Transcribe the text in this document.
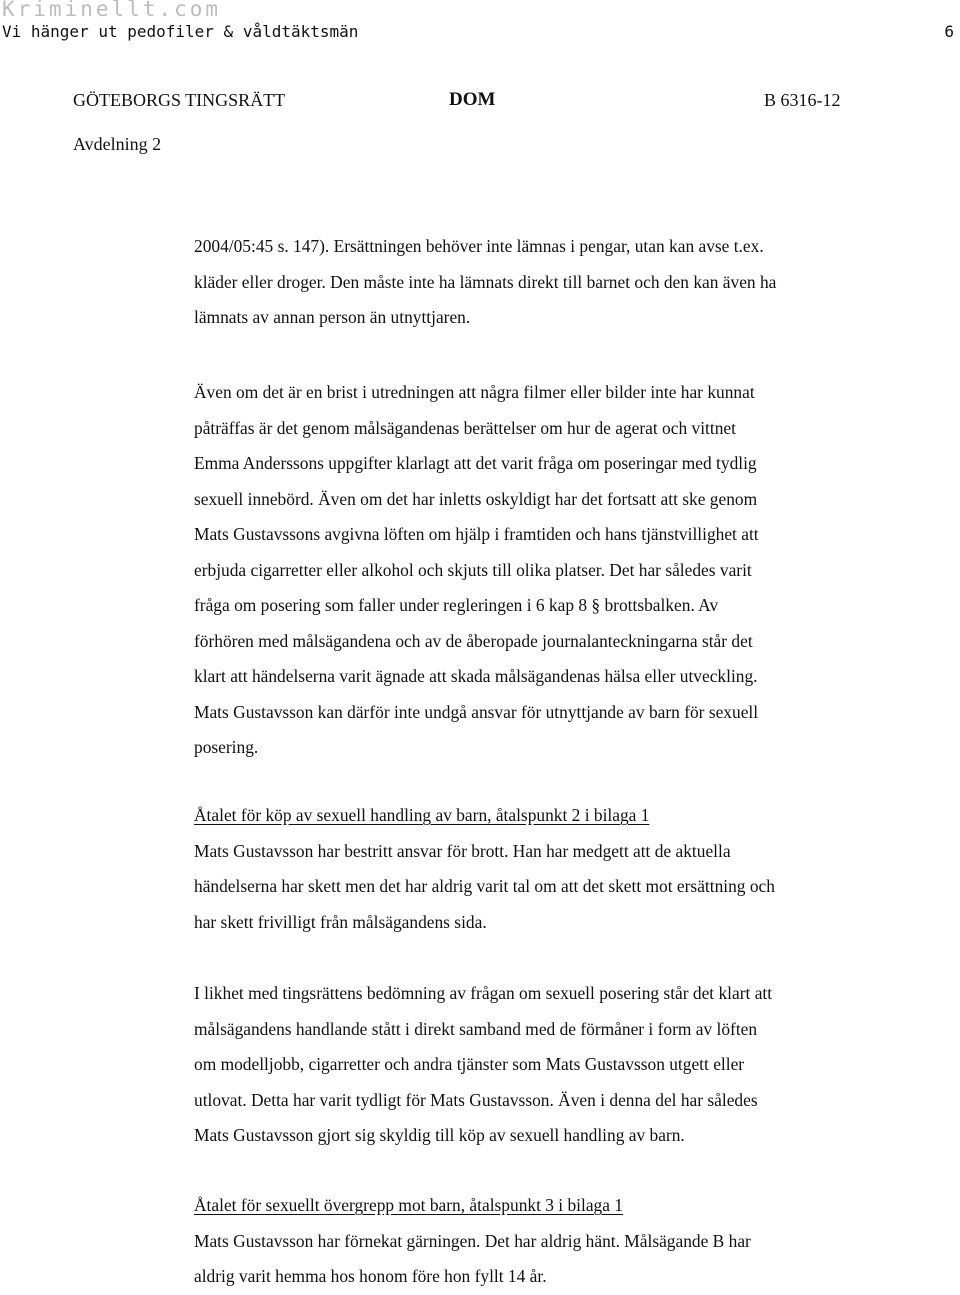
Kriminellt.com
Vi hänger ut pedofiler & våldtäktsmän	6
GÖTEBORGS TINGSRÄTT	DOM	B 6316-12
Avdelning 2

2004/05:45 s. 147). Ersättningen behöver inte lämnas i pengar, utan kan avse t.ex.
kläder eller droger. Den måste inte ha lämnats direkt till barnet och den kan även ha
lämnats av annan person än utnyttjaren.

Även om det är en brist i utredningen att några filmer eller bilder inte har kunnat
påträffas är det genom målsägandenas berättelser om hur de agerat och vittnet
Emma Anderssons uppgifter klarlagt att det varit fråga om poseringar med tydlig
sexuell innebörd. Även om det har inletts oskyldigt har det fortsatt att ske genom
Mats Gustavssons avgivna löften om hjälp i framtiden och hans tjänstvillighet att
erbjuda cigarretter eller alkohol och skjuts till olika platser. Det har således varit
fråga om posering som faller under regleringen i 6 kap 8 § brottsbalken. Av
förhören med målsägandena och av de åberopade journalanteckningarna står det
klart att händelserna varit ägnade att skada målsägandenas hälsa eller utveckling.
Mats Gustavsson kan därför inte undgå ansvar för utnyttjande av barn för sexuell
posering.

Åtalet för köp av sexuell handling av barn, åtalspunkt 2 i bilaga 1
Mats Gustavsson har bestritt ansvar för brott. Han har medgett att de aktuella
händelserna har skett men det har aldrig varit tal om att det skett mot ersättning och
har skett frivilligt från målsägandens sida.

I likhet med tingsrättens bedömning av frågan om sexuell posering står det klart att
målsägandens handlande stått i direkt samband med de förmåner i form av löften
om modelljobb, cigarretter och andra tjänster som Mats Gustavsson utgett eller
utlovat. Detta har varit tydligt för Mats Gustavsson. Även i denna del har således
Mats Gustavsson gjort sig skyldig till köp av sexuell handling av barn.

Åtalet för sexuellt övergrepp mot barn, åtalspunkt 3 i bilaga 1
Mats Gustavsson har förnekat gärningen. Det har aldrig hänt. Målsägande B har
aldrig varit hemma hos honom före hon fyllt 14 år.
